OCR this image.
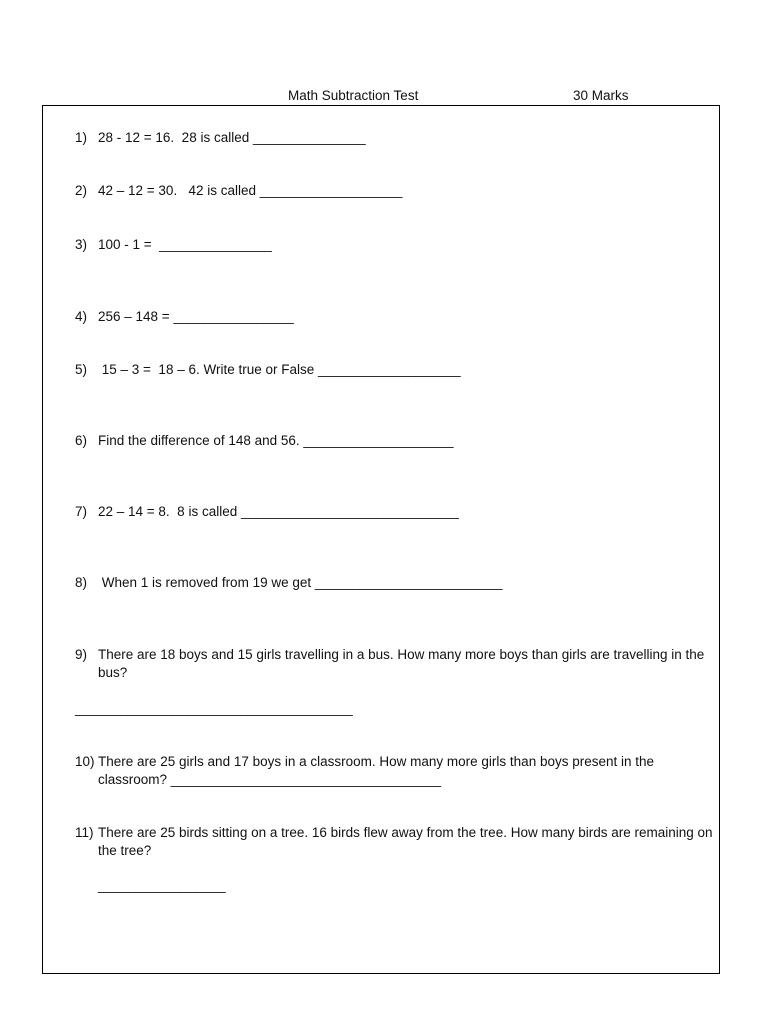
Math Subtraction Test	30 Marks
1) 28 - 12 = 16.  28 is called _______________
2) 42 – 12 = 30.   42 is called ___________________
3) 100 - 1 =  _______________
4) 256 – 148 = ________________
5) 15 – 3 =  18 – 6. Write true or False ___________________
6) Find the difference of 148 and 56. ____________________
7) 22 – 14 = 8.  8 is called _____________________________
8) When 1 is removed from 19 we get _________________________
9) There are 18 boys and 15 girls travelling in a bus. How many more boys than girls are travelling in the bus?
_____________________________________
10) There are 25 girls and 17 boys in a classroom. How many more girls than boys present in the classroom? ____________________________________
11) There are 25 birds sitting on a tree. 16 birds flew away from the tree. How many birds are remaining on the tree?
_________________
